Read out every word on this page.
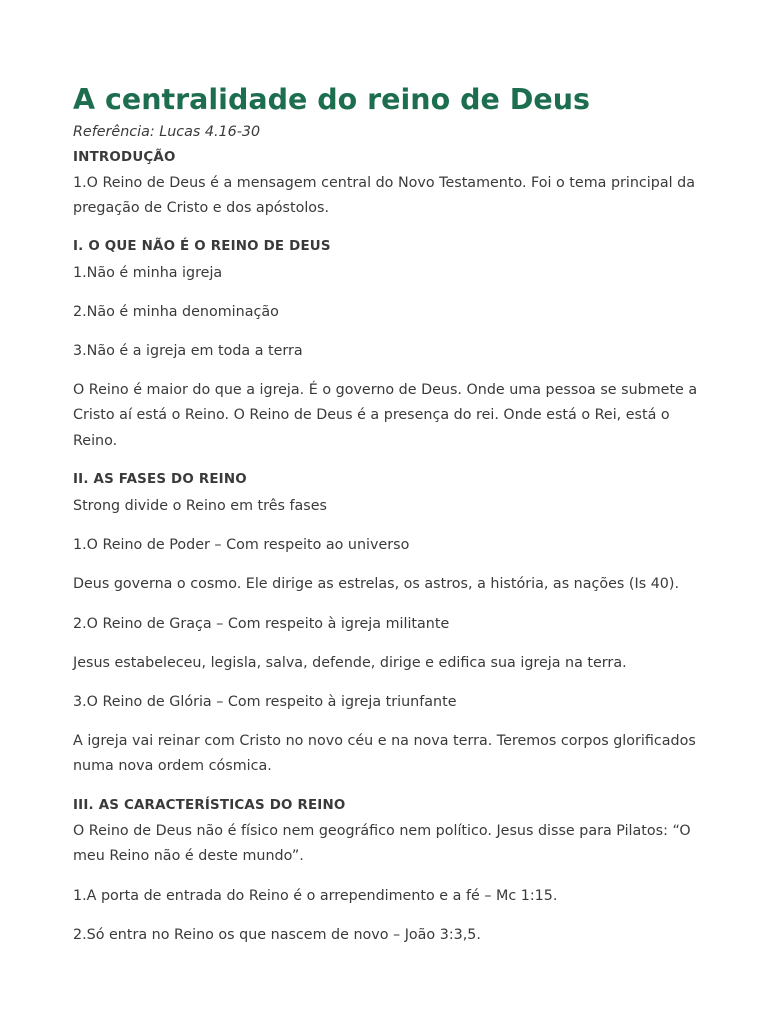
A centralidade do reino de Deus
Referência: Lucas 4.16-30
INTRODUÇÃO

1.O Reino de Deus é a mensagem central do Novo Testamento. Foi o tema principal da pregação de Cristo e dos apóstolos.

I. O QUE NÃO É O REINO DE DEUS
1.Não é minha igreja
2.Não é minha denominação
3.Não é a igreja em toda a terra

O Reino é maior do que a igreja. É o governo de Deus. Onde uma pessoa se submete a Cristo aí está o Reino. O Reino de Deus é a presença do rei. Onde está o Rei, está o Reino.

II. AS FASES DO REINO
Strong divide o Reino em três fases
1.O Reino de Poder – Com respeito ao universo
Deus governa o cosmo. Ele dirige as estrelas, os astros, a história, as nações (Is 40).
2.O Reino de Graça – Com respeito à igreja militante
Jesus estabeleceu, legisla, salva, defende, dirige e edifica sua igreja na terra.
3.O Reino de Glória – Com respeito à igreja triunfante

A igreja vai reinar com Cristo no novo céu e na nova terra. Teremos corpos glorificados numa nova ordem cósmica.

III. AS CARACTERÍSTICAS DO REINO

O Reino de Deus não é físico nem geográfico nem político. Jesus disse para Pilatos: “O meu Reino não é deste mundo”.

1.A porta de entrada do Reino é o arrependimento e a fé – Mc 1:15.
2.Só entra no Reino os que nascem de novo – João 3:3,5.
